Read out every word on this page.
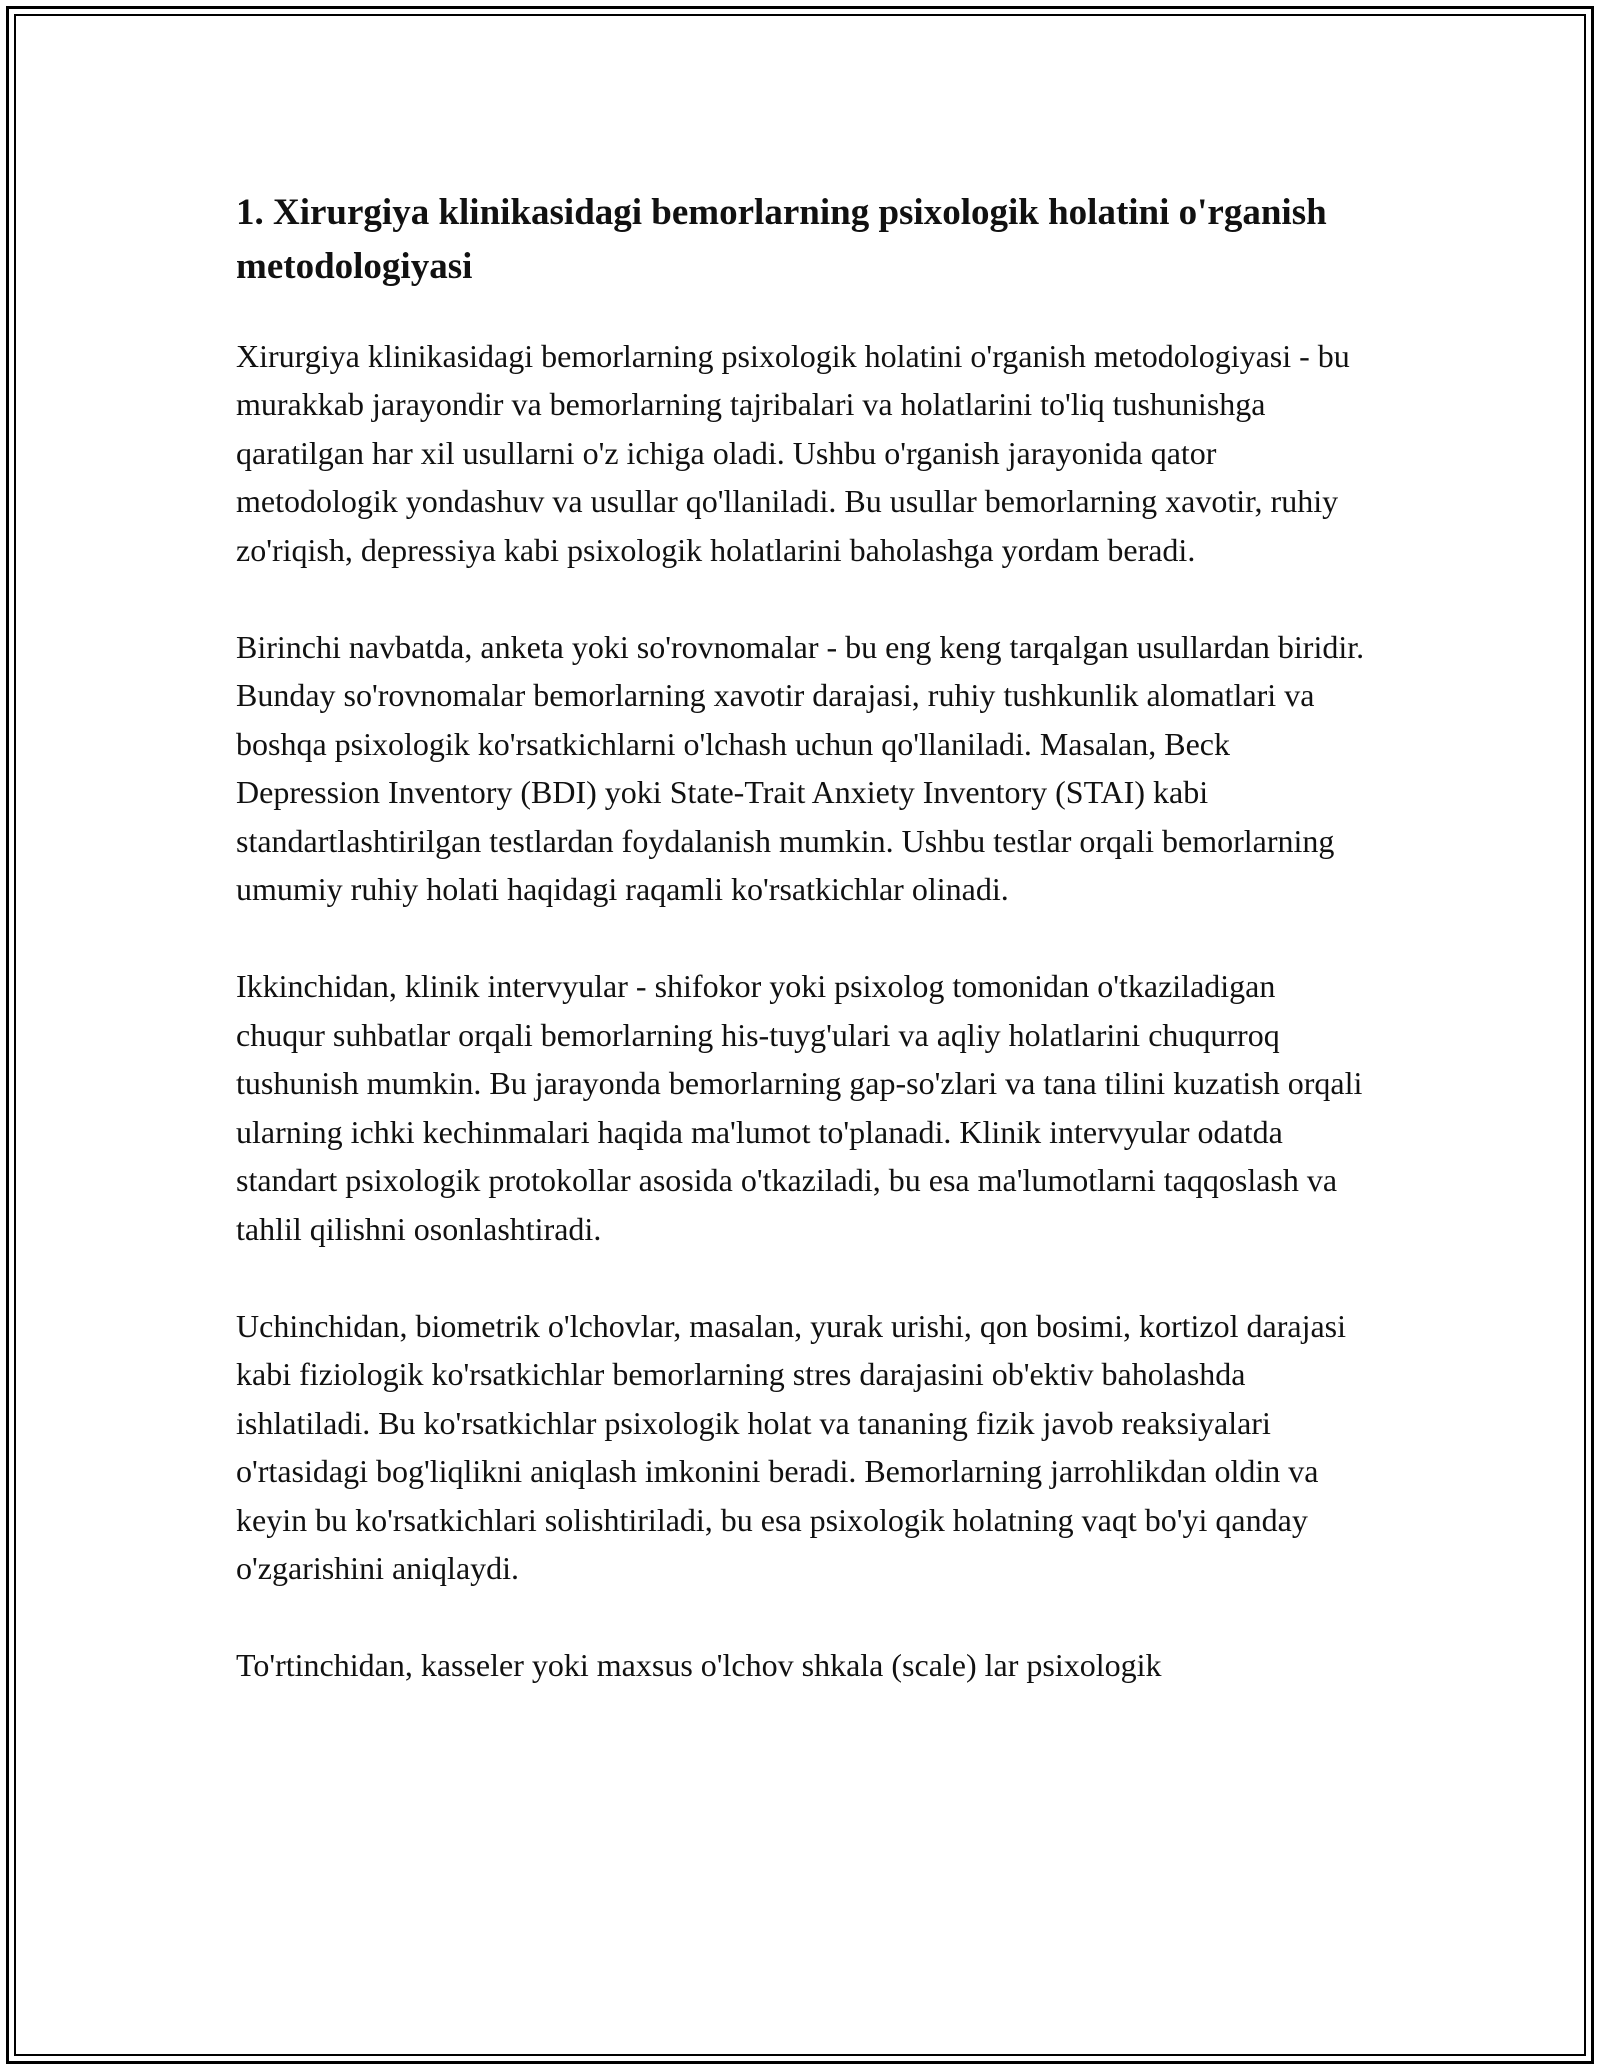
1. Xirurgiya klinikasidagi bemorlarning psixologik holatini o'rganish metodologiyasi

Xirurgiya klinikasidagi bemorlarning psixologik holatini o'rganish metodologiyasi - bu murakkab jarayondir va bemorlarning tajribalari va holatlarini to'liq tushunishga qaratilgan har xil usullarni o'z ichiga oladi. Ushbu o'rganish jarayonida qator metodologik yondashuv va usullar qo'llaniladi. Bu usullar bemorlarning xavotir, ruhiy zo'riqish, depressiya kabi psixologik holatlarini baholashga yordam beradi.

Birinchi navbatda, anketa yoki so'rovnomalar - bu eng keng tarqalgan usullardan biridir. Bunday so'rovnomalar bemorlarning xavotir darajasi, ruhiy tushkunlik alomatlari va boshqa psixologik ko'rsatkichlarni o'lchash uchun qo'llaniladi. Masalan, Beck Depression Inventory (BDI) yoki State-Trait Anxiety Inventory (STAI) kabi standartlashtirilgan testlardan foydalanish mumkin. Ushbu testlar orqali bemorlarning umumiy ruhiy holati haqidagi raqamli ko'rsatkichlar olinadi.

Ikkinchidan, klinik intervyular - shifokor yoki psixolog tomonidan o'tkaziladigan chuqur suhbatlar orqali bemorlarning his-tuyg'ulari va aqliy holatlarini chuqurroq tushunish mumkin. Bu jarayonda bemorlarning gap-so'zlari va tana tilini kuzatish orqali ularning ichki kechinmalari haqida ma'lumot to'planadi. Klinik intervyular odatda standart psixologik protokollar asosida o'tkaziladi, bu esa ma'lumotlarni taqqoslash va tahlil qilishni osonlashtiradi.

Uchinchidan, biometrik o'lchovlar, masalan, yurak urishi, qon bosimi, kortizol darajasi kabi fiziologik ko'rsatkichlar bemorlarning stres darajasini ob'ektiv baholashda ishlatiladi. Bu ko'rsatkichlar psixologik holat va tananing fizik javob reaksiyalari o'rtasidagi bog'liqlikni aniqlash imkonini beradi. Bemorlarning jarrohlikdan oldin va keyin bu ko'rsatkichlari solishtiriladi, bu esa psixologik holatning vaqt bo'yi qanday o'zgarishini aniqlaydi.

To'rtinchidan, kasseler yoki maxsus o'lchov shkala (scale) lar psixologik
